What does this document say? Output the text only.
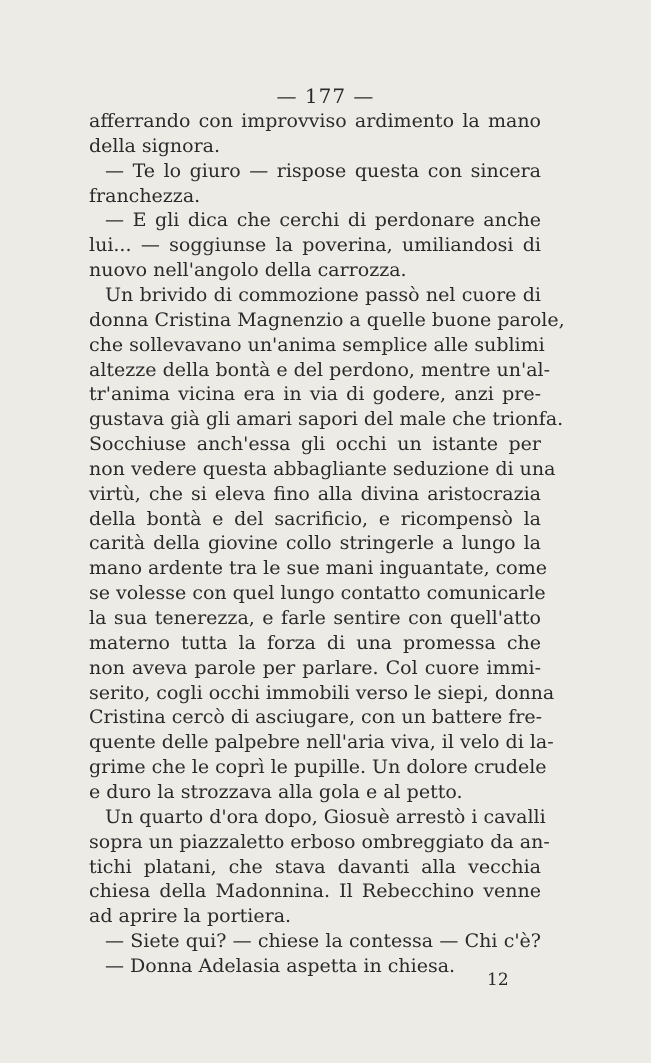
— 177 —
afferrando con improvviso ardimento la mano
della signora.
— Te lo giuro — rispose questa con sincera
franchezza.
— E gli dica che cerchi di perdonare anche
lui... — soggiunse la poverina, umiliandosi di
nuovo nell'angolo della carrozza.
Un brivido di commozione passò nel cuore di
donna Cristina Magnenzio a quelle buone parole,
che sollevavano un'anima semplice alle sublimi
altezze della bontà e del perdono, mentre un'al-
tr'anima vicina era in via di godere, anzi pre-
gustava già gli amari sapori del male che trionfa.
Socchiuse anch'essa gli occhi un istante per
non vedere questa abbagliante seduzione di una
virtù, che si eleva fino alla divina aristocrazia
della bontà e del sacrificio, e ricompensò la
carità della giovine collo stringerle a lungo la
mano ardente tra le sue mani inguantate, come
se volesse con quel lungo contatto comunicarle
la sua tenerezza, e farle sentire con quell'atto
materno tutta la forza di una promessa che
non aveva parole per parlare. Col cuore immi-
serito, cogli occhi immobili verso le siepi, donna
Cristina cercò di asciugare, con un battere fre-
quente delle palpebre nell'aria viva, il velo di la-
grime che le coprì le pupille. Un dolore crudele
e duro la strozzava alla gola e al petto.
Un quarto d'ora dopo, Giosuè arrestò i cavalli
sopra un piazzaletto erboso ombreggiato da an-
tichi platani, che stava davanti alla vecchia
chiesa della Madonnina. Il Rebecchino venne
ad aprire la portiera.
— Siete qui? — chiese la contessa — Chi c'è?
— Donna Adelasia aspetta in chiesa.
12
